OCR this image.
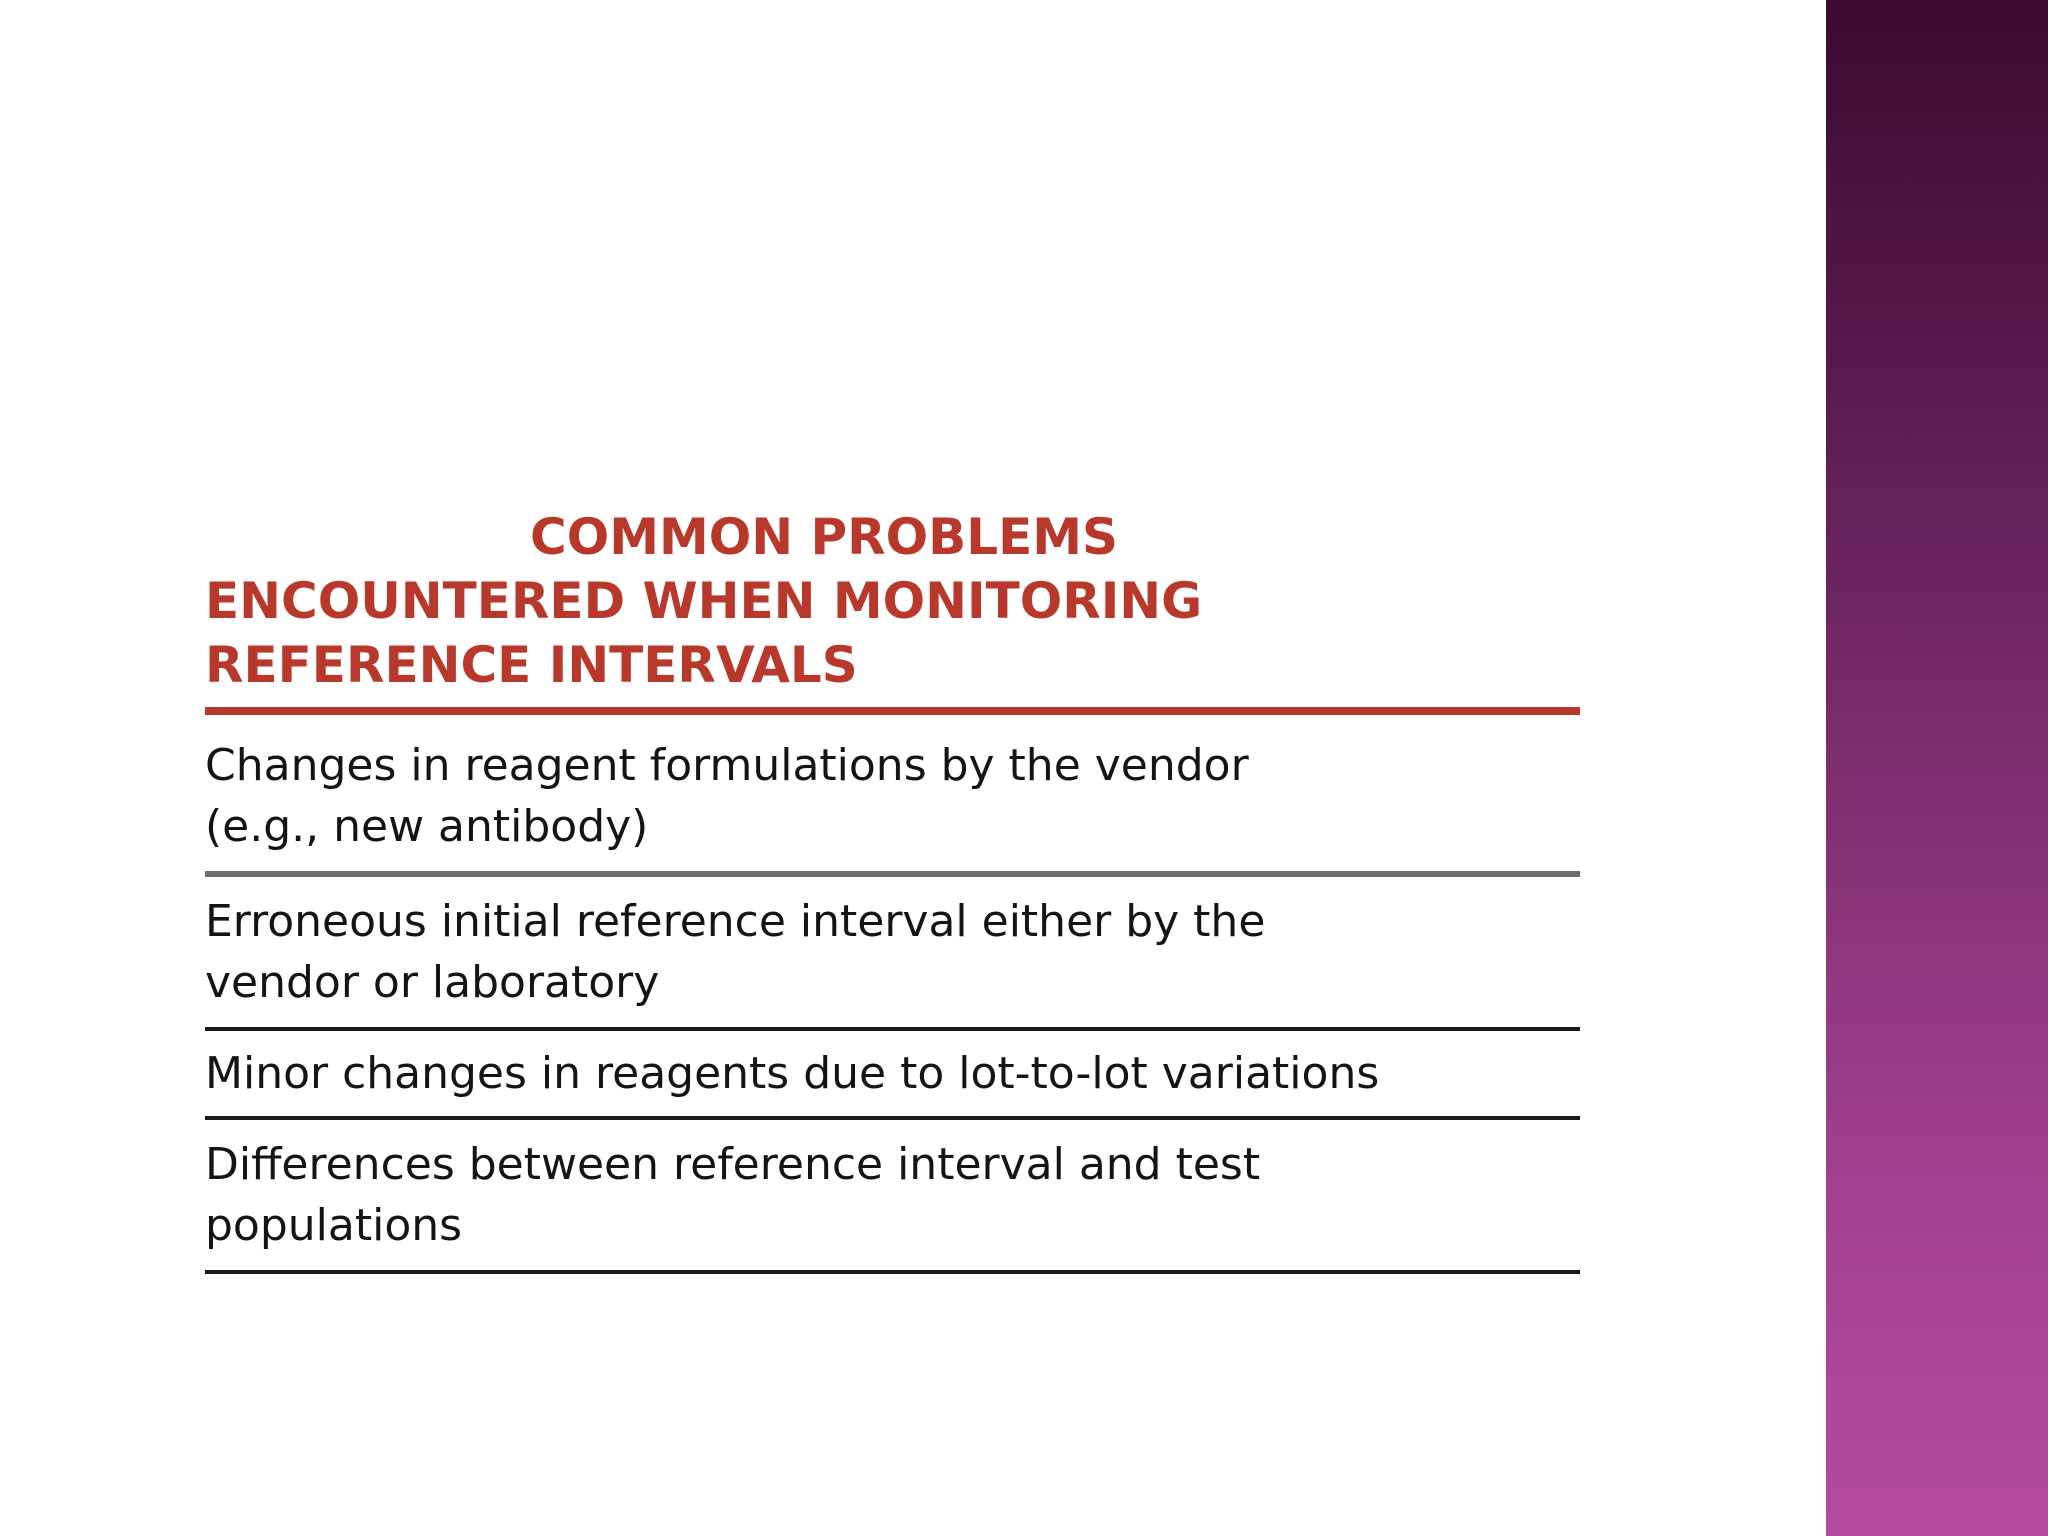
COMMON PROBLEMS
ENCOUNTERED WHEN MONITORING
REFERENCE INTERVALS
Changes in reagent formulations by the vendor
(e.g., new antibody)
Erroneous initial reference interval either by the
vendor or laboratory
Minor changes in reagents due to lot-to-lot variations
Differences between reference interval and test
populations
